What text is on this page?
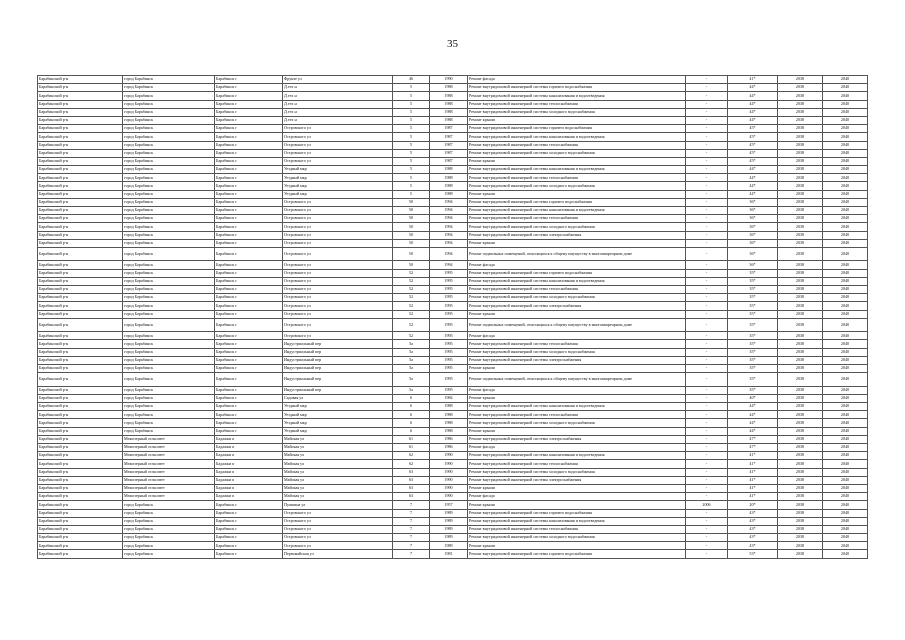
35
Барабинский р-н	город Барабинск	Барабинск г	Фрунзе ул	46	1990	Ремонт фасада	-	41*	2038	2040
Барабинский р-н	город Барабинск	Барабинск г	Д.тех н	5	1988	Ремонт внутридомовой инженерной системы горячего водоснабжения	-	44*	2038	2040
Барабинский р-н	город Барабинск	Барабинск г	Д.тех н	5	1988	Ремонт внутридомовой инженерной системы канализования и водоотведения	-	44*	2038	2040
Барабинский р-н	город Барабинск	Барабинск г	Д.тех н	5	1988	Ремонт внутридомовой инженерной системы теплоснабжения	-	44*	2038	2040
Барабинский р-н	город Барабинск	Барабинск г	Д.тех н	5	1988	Ремонт внутридомовой инженерной системы холодного водоснабжения	-	44*	2038	2040
Барабинский р-н	город Барабинск	Барабинск г	Д.тех н	5	1988	Ремонт крыши	-	44*	2038	2040
Барабинский р-н	город Барабинск	Барабинск г	Островского ул	5	1987	Ремонт внутридомовой инженерной системы горячего водоснабжения	-	45*	2038	2040
Барабинский р-н	город Барабинск	Барабинск г	Островского ул	5	1987	Ремонт внутридомовой инженерной системы канализования и водоотведения	-	45*	2038	2040
Барабинский р-н	город Барабинск	Барабинск г	Островского ул	5	1987	Ремонт внутридомовой инженерной системы теплоснабжения	-	45*	2038	2040
Барабинский р-н	город Барабинск	Барабинск г	Островского ул	5	1987	Ремонт внутридомовой инженерной системы холодного водоснабжения	-	45*	2038	2040
Барабинский р-н	город Барабинск	Барабинск г	Островского ул	5	1987	Ремонт крыши	-	45*	2038	2040
Барабинский р-н	город Барабинск	Барабинск г	Уездный мкр	5	1988	Ремонт внутридомовой инженерной системы канализования и водоотведения	-	44*	2038	2040
Барабинский р-н	город Барабинск	Барабинск г	Уездный мкр	5	1988	Ремонт внутридомовой инженерной системы теплоснабжения	-	44*	2038	2040
Барабинский р-н	город Барабинск	Барабинск г	Уездный мкр	5	1988	Ремонт внутридомовой инженерной системы холодного водоснабжения	-	44*	2038	2040
Барабинский р-н	город Барабинск	Барабинск г	Уездный мкр	5	1988	Ремонт крыши	-	44*	2038	2040
Барабинский р-н	город Барабинск	Барабинск г	Островского ул	50	1994	Ремонт внутридомовой инженерной системы горячего водоснабжения	-	36*	2038	2040
Барабинский р-н	город Барабинск	Барабинск г	Островского ул	50	1994	Ремонт внутридомовой инженерной системы канализования и водоотведения	-	36*	2038	2040
Барабинский р-н	город Барабинск	Барабинск г	Островского ул	50	1994	Ремонт внутридомовой инженерной системы теплоснабжения	-	36*	2038	2040
Барабинский р-н	город Барабинск	Барабинск г	Островского ул	50	1994	Ремонт внутридомовой инженерной системы холодного водоснабжения	-	36*	2038	2040
Барабинский р-н	город Барабинск	Барабинск г	Островского ул	50	1994	Ремонт внутридомовой инженерной системы электроснабжения	-	36*	2038	2040
Барабинский р-н	город Барабинск	Барабинск г	Островского ул	50	1994	Ремонт крыши	-	36*	2038	2040
Барабинский р-н	город Барабинск	Барабинск г	Островского ул	50	1994	Ремонт подвальных помещений, относящихся к общему имуществу в многоквартирном доме	-	36*	2038	2040
Барабинский р-н	город Барабинск	Барабинск г	Островского ул	50	1994	Ремонт фасада	-	36*	2038	2040
Барабинский р-н	город Барабинск	Барабинск г	Островского ул	52	1995	Ремонт внутридомовой инженерной системы горячего водоснабжения	-	35*	2038	2040
Барабинский р-н	город Барабинск	Барабинск г	Островского ул	52	1995	Ремонт внутридомовой инженерной системы канализования и водоотведения	-	35*	2038	2040
Барабинский р-н	город Барабинск	Барабинск г	Островского ул	52	1995	Ремонт внутридомовой инженерной системы теплоснабжения	-	35*	2038	2040
Барабинский р-н	город Барабинск	Барабинск г	Островского ул	52	1995	Ремонт внутридомовой инженерной системы холодного водоснабжения	-	35*	2038	2040
Барабинский р-н	город Барабинск	Барабинск г	Островского ул	52	1995	Ремонт внутридомовой инженерной системы электроснабжения	-	35*	2038	2040
Барабинский р-н	город Барабинск	Барабинск г	Островского ул	52	1995	Ремонт крыши	-	35*	2038	2040
Барабинский р-н	город Барабинск	Барабинск г	Островского ул	52	1995	Ремонт подвальных помещений, относящихся к общему имуществу в многоквартирном доме	-	35*	2038	2040
Барабинский р-н	город Барабинск	Барабинск г	Островского ул	52	1995	Ремонт фасада	-	35*	2038	2040
Барабинский р-н	город Барабинск	Барабинск г	Индустриальный пер	5а	1995	Ремонт внутридомовой инженерной системы теплоснабжения	-	35*	2038	2040
Барабинский р-н	город Барабинск	Барабинск г	Индустриальный пер	5а	1995	Ремонт внутридомовой инженерной системы холодного водоснабжения	-	35*	2038	2040
Барабинский р-н	город Барабинск	Барабинск г	Индустриальный пер	5а	1995	Ремонт внутридомовой инженерной системы электроснабжения	-	35*	2038	2040
Барабинский р-н	город Барабинск	Барабинск г	Индустриальный пер	5а	1995	Ремонт крыши	-	35*	2038	2040
Барабинский р-н	город Барабинск	Барабинск г	Индустриальный пер	5а	1995	Ремонт подвальных помещений, относящихся к общему имуществу в многоквартирном доме	-	35*	2038	2040
Барабинский р-н	город Барабинск	Барабинск г	Индустриальный пер	5а	1995	Ремонт фасада	-	35*	2038	2040
Барабинский р-н	город Барабинск	Барабинск г	Садовая ул	6	1984	Ремонт крыши	-	40*	2038	2040
Барабинский р-н	город Барабинск	Барабинск г	Уездный мкр	6	1988	Ремонт внутридомовой инженерной системы канализования и водоотведения	-	44*	2038	2040
Барабинский р-н	город Барабинск	Барабинск г	Уездный мкр	6	1988	Ремонт внутридомовой инженерной системы теплоснабжения	-	44*	2038	2040
Барабинский р-н	город Барабинск	Барабинск г	Уездный мкр	6	1988	Ремонт внутридомовой инженерной системы холодного водоснабжения	-	44*	2038	2040
Барабинский р-н	город Барабинск	Барабинск г	Уездный мкр	6	1988	Ремонт крыши	-	44*	2038	2040
Барабинский р-н	Межозерный сельсовет	Бадажки п	Майская ул	61	1986	Ремонт внутридомовой инженерной системы электроснабжения	-	47*	2038	2040
Барабинский р-н	Межозерный сельсовет	Бадажки п	Майская ул	61	1986	Ремонт фасада	-	47*	2038	2040
Барабинский р-н	Межозерный сельсовет	Бадажки п	Майская ул	62	1990	Ремонт внутридомовой инженерной системы канализования и водоотведения	-	41*	2038	2040
Барабинский р-н	Межозерный сельсовет	Бадажки п	Майская ул	62	1990	Ремонт внутридомовой инженерной системы теплоснабжения	-	41*	2038	2040
Барабинский р-н	Межозерный сельсовет	Бадажки п	Майская ул	63	1990	Ремонт внутридомовой инженерной системы холодного водоснабжения	-	41*	2038	2040
Барабинский р-н	Межозерный сельсовет	Бадажки п	Майская ул	63	1990	Ремонт внутридомовой инженерной системы электроснабжения	-	41*	2038	2040
Барабинский р-н	Межозерный сельсовет	Бадажки п	Майская ул	63	1990	Ремонт крыши	-	41*	2038	2040
Барабинский р-н	Межозерный сельсовет	Бадажки п	Майская ул	63	1990	Ремонт фасада	-	41*	2038	2040
Барабинский р-н	город Барабинск	Барабинск г	Пушкина ул	7	1957	Ремонт крыши	2006	20*	2038	2040
Барабинский р-н	город Барабинск	Барабинск г	Островского ул	7	1989	Ремонт внутридомовой инженерной системы горячего водоснабжения	-	43*	2038	2040
Барабинский р-н	город Барабинск	Барабинск г	Островского ул	7	1989	Ремонт внутридомовой инженерной системы канализования и водоотведения	-	43*	2038	2040
Барабинский р-н	город Барабинск	Барабинск г	Островского ул	7	1989	Ремонт внутридомовой инженерной системы теплоснабжения	-	43*	2038	2040
Барабинский р-н	город Барабинск	Барабинск г	Островского ул	7	1989	Ремонт внутридомовой инженерной системы холодного водоснабжения	-	43*	2038	2040
Барабинский р-н	город Барабинск	Барабинск г	Островского ул	7	1989	Ремонт крыши	-	43*	2038	2040
Барабинский р-н	город Барабинск	Барабинск г	Первомайская ул	7	1981	Ремонт внутридомовой инженерной системы горячего водоснабжения	-	53*	2038	2040
